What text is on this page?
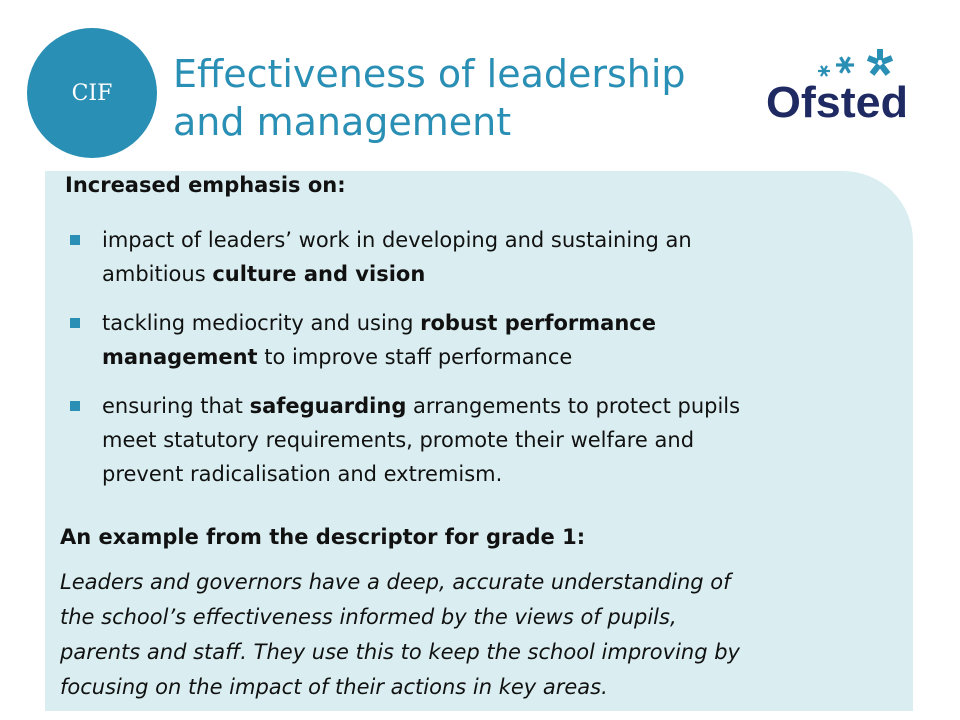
CIF Effectiveness of leadership
and management	Ofsted
Increased emphasis on:
impact of leaders’ work in developing and sustaining an
ambitious culture and vision
tackling mediocrity and using robust performance
management to improve staff performance
ensuring that safeguarding arrangements to protect pupils
meet statutory requirements, promote their welfare and
prevent radicalisation and extremism.
An example from the descriptor for grade 1:
Leaders and governors have a deep, accurate understanding of
the school’s effectiveness informed by the views of pupils,
parents and staff. They use this to keep the school improving by
focusing on the impact of their actions in key areas.
